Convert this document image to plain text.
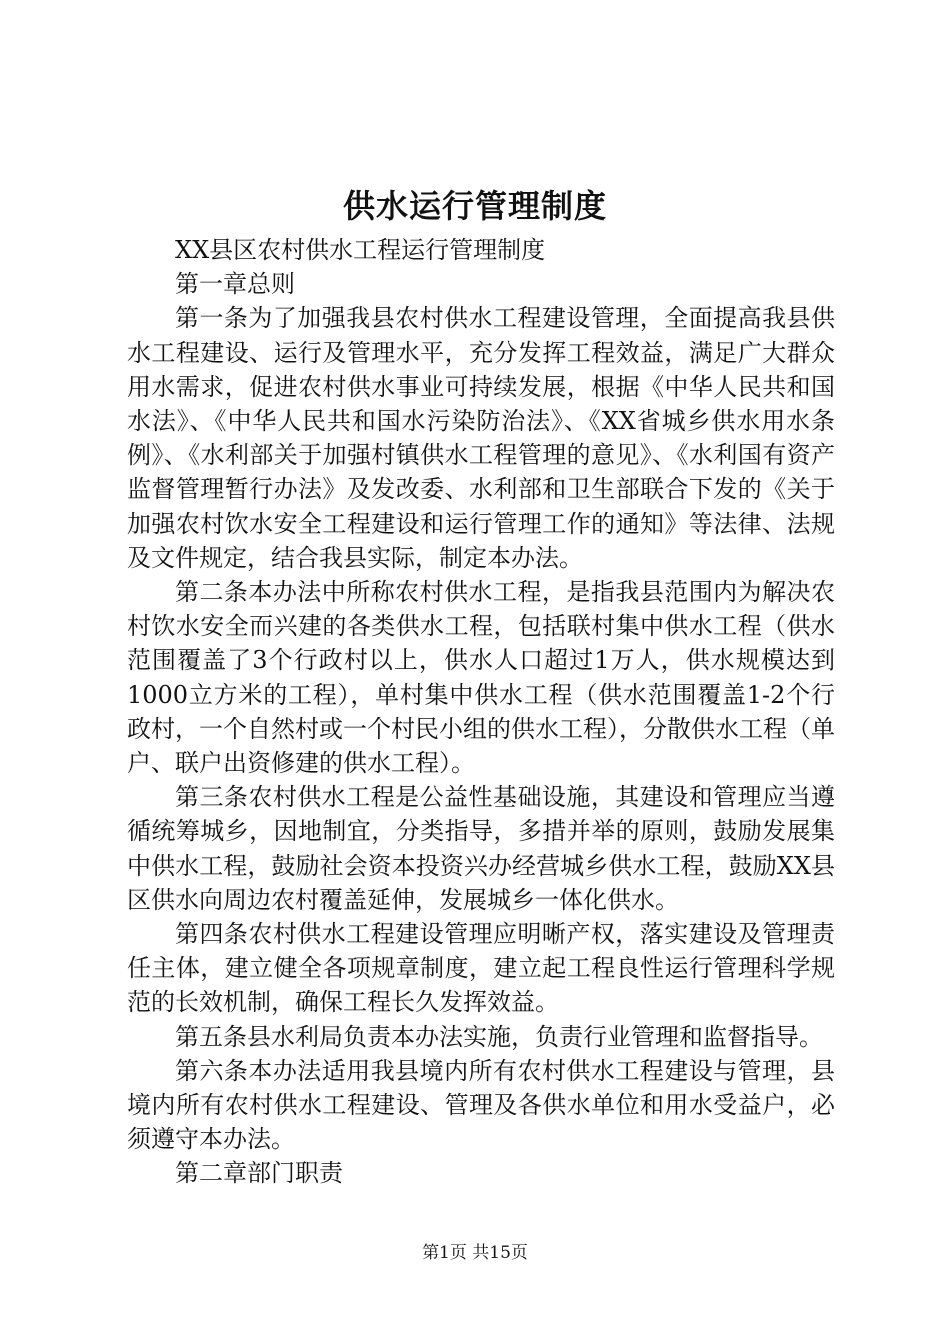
供水运行管理制度

XX县区农村供水工程运行管理制度

第一章总则

第一条为了加强我县农村供水工程建设管理，全面提高我县供水工程建设、运行及管理水平，充分发挥工程效益，满足广大群众用水需求，促进农村供水事业可持续发展，根据《中华人民共和国水法》、《中华人民共和国水污染防治法》、《XX省城乡供水用水条例》、《水利部关于加强村镇供水工程管理的意见》、《水利国有资产监督管理暂行办法》及发改委、水利部和卫生部联合下发的《关于加强农村饮水安全工程建设和运行管理工作的通知》等法律、法规及文件规定，结合我县实际，制定本办法。

第二条本办法中所称农村供水工程，是指我县范围内为解决农村饮水安全而兴建的各类供水工程，包括联村集中供水工程（供水范围覆盖了3个行政村以上，供水人口超过1万人，供水规模达到1000立方米的工程），单村集中供水工程（供水范围覆盖1-2个行政村，一个自然村或一个村民小组的供水工程），分散供水工程（单户、联户出资修建的供水工程）。

第三条农村供水工程是公益性基础设施，其建设和管理应当遵循统筹城乡，因地制宜，分类指导，多措并举的原则，鼓励发展集中供水工程，鼓励社会资本投资兴办经营城乡供水工程，鼓励XX县区供水向周边农村覆盖延伸，发展城乡一体化供水。

第四条农村供水工程建设管理应明晰产权，落实建设及管理责任主体，建立健全各项规章制度，建立起工程良性运行管理科学规范的长效机制，确保工程长久发挥效益。

第五条县水利局负责本办法实施，负责行业管理和监督指导。

第六条本办法适用我县境内所有农村供水工程建设与管理，县境内所有农村供水工程建设、管理及各供水单位和用水受益户，必须遵守本办法。

第二章部门职责

第1页 共15页
